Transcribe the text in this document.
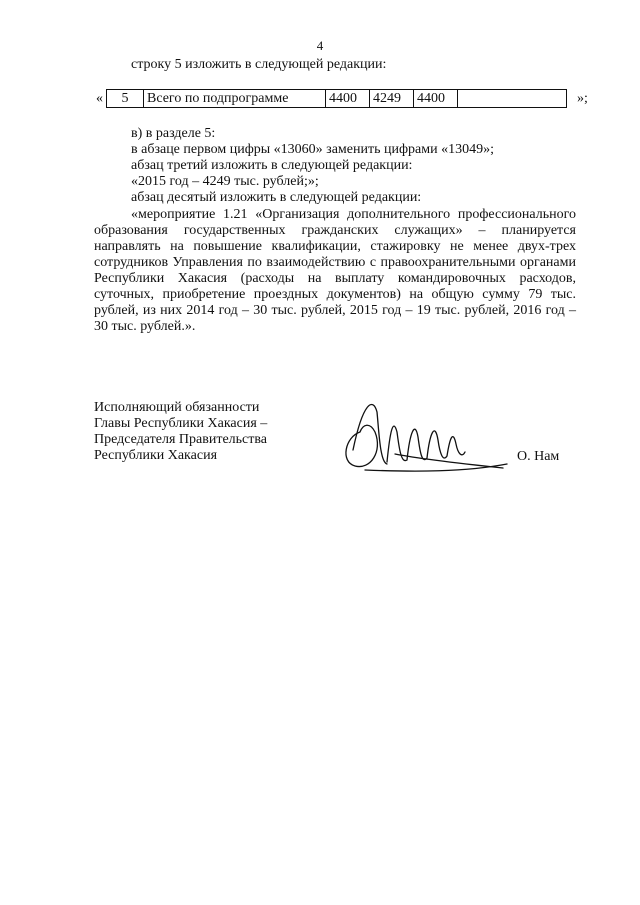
4
строку 5 изложить в следующей редакции:
« 5	Всего по подпрограмме	4400	4249	4400		»;
в) в разделе 5:
в абзаце первом цифры «13060» заменить цифрами «13049»;
абзац третий изложить в следующей редакции:
«2015 год – 4249 тыс. рублей;»;
абзац десятый изложить в следующей редакции:

«мероприятие 1.21 «Организация дополнительного профессионального образования государственных гражданских служащих» – планируется направлять на повышение квалификации, стажировку не менее двух-трех сотрудников Управления по взаимодействию с правоохранительными органами Республики Хакасия (расходы на выплату командировочных расходов, суточных, приобретение проездных документов) на общую сумму 79 тыс. рублей, из них 2014 год – 30 тыс. рублей, 2015 год – 19 тыс. рублей, 2016 год – 30 тыс. рублей.».

Исполняющий обязанности
Главы Республики Хакасия –
Председателя Правительства
Республики Хакасия	О. Нам
